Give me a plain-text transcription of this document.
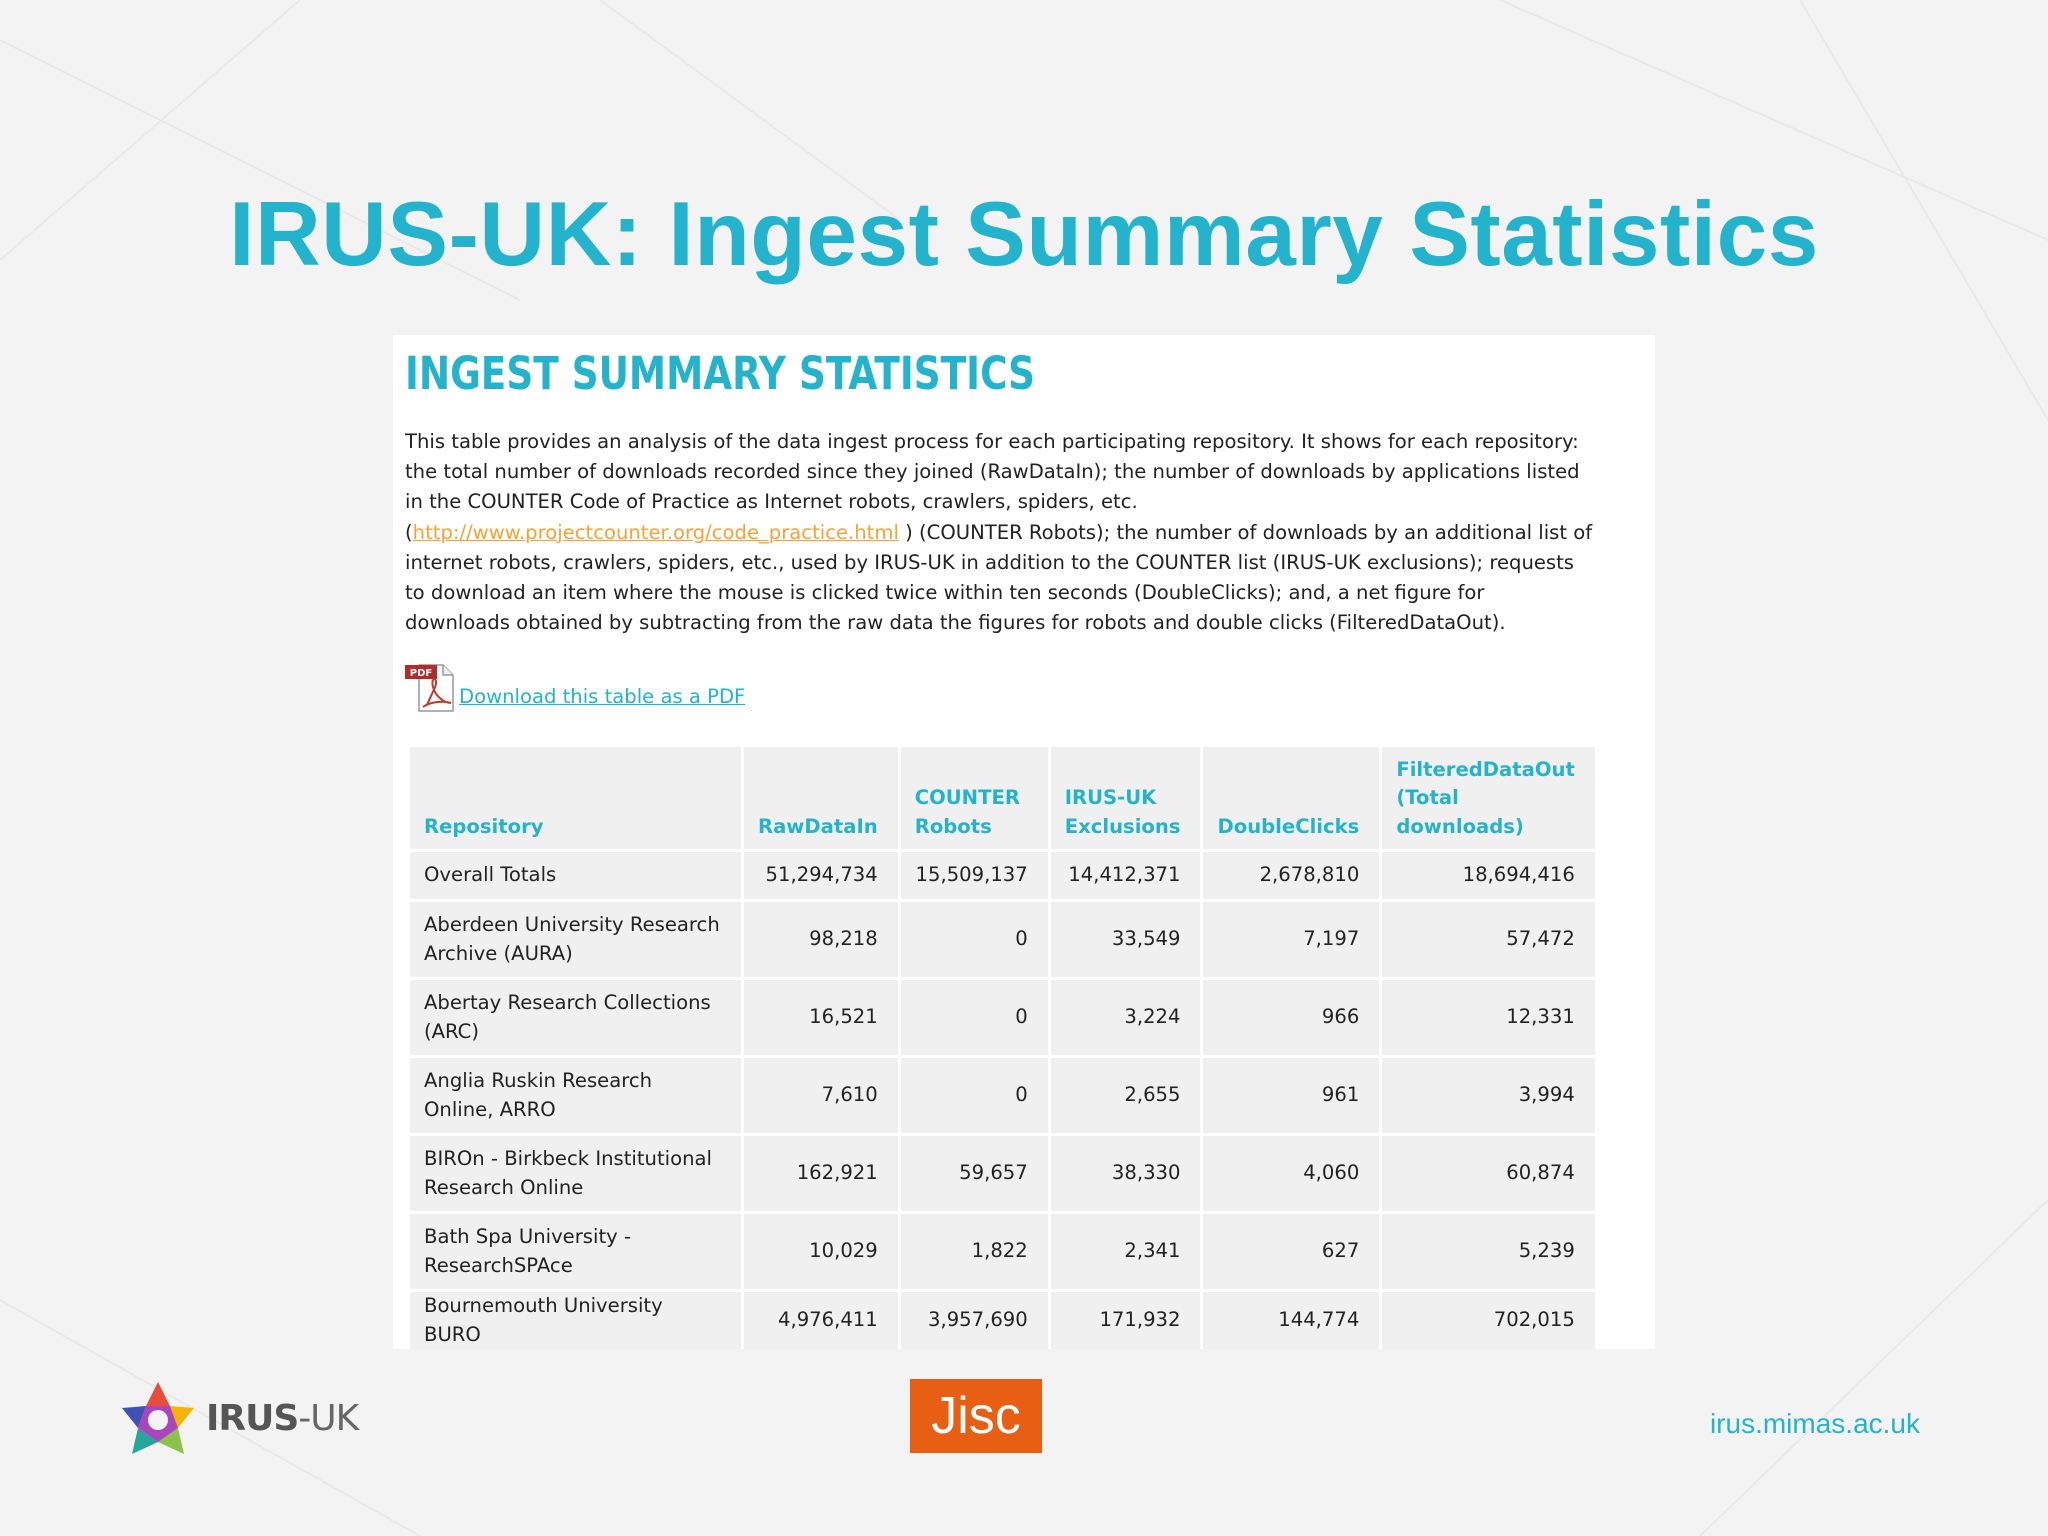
IRUS-UK: Ingest Summary Statistics
INGEST SUMMARY STATISTICS
This table provides an analysis of the data ingest process for each participating repository. It shows for each repository: the total number of downloads recorded since they joined (RawDataIn); the number of downloads by applications listed in the COUNTER Code of Practice as Internet robots, crawlers, spiders, etc. (http://www.projectcounter.org/code_practice.html ) (COUNTER Robots); the number of downloads by an additional list of internet robots, crawlers, spiders, etc., used by IRUS-UK in addition to the COUNTER list (IRUS-UK exclusions); requests to download an item where the mouse is clicked twice within ten seconds (DoubleClicks); and, a net figure for downloads obtained by subtracting from the raw data the figures for robots and double clicks (FilteredDataOut).
PDF
Download this table as a PDF
Repository	RawDataIn	COUNTER Robots	IRUS-UK Exclusions	DoubleClicks	FilteredDataOut (Total downloads)
Overall Totals	51,294,734	15,509,137	14,412,371	2,678,810	18,694,416
Aberdeen University Research Archive (AURA)	98,218	0	33,549	7,197	57,472
Abertay Research Collections (ARC)	16,521	0	3,224	966	12,331
Anglia Ruskin Research Online, ARRO	7,610	0	2,655	961	3,994
BIROn - Birkbeck Institutional Research Online	162,921	59,657	38,330	4,060	60,874
Bath Spa University - ResearchSPAce	10,029	1,822	2,341	627	5,239
Bournemouth University BURO	4,976,411	3,957,690	171,932	144,774	702,015

IRUS-UK	Jisc	irus.mimas.ac.uk
